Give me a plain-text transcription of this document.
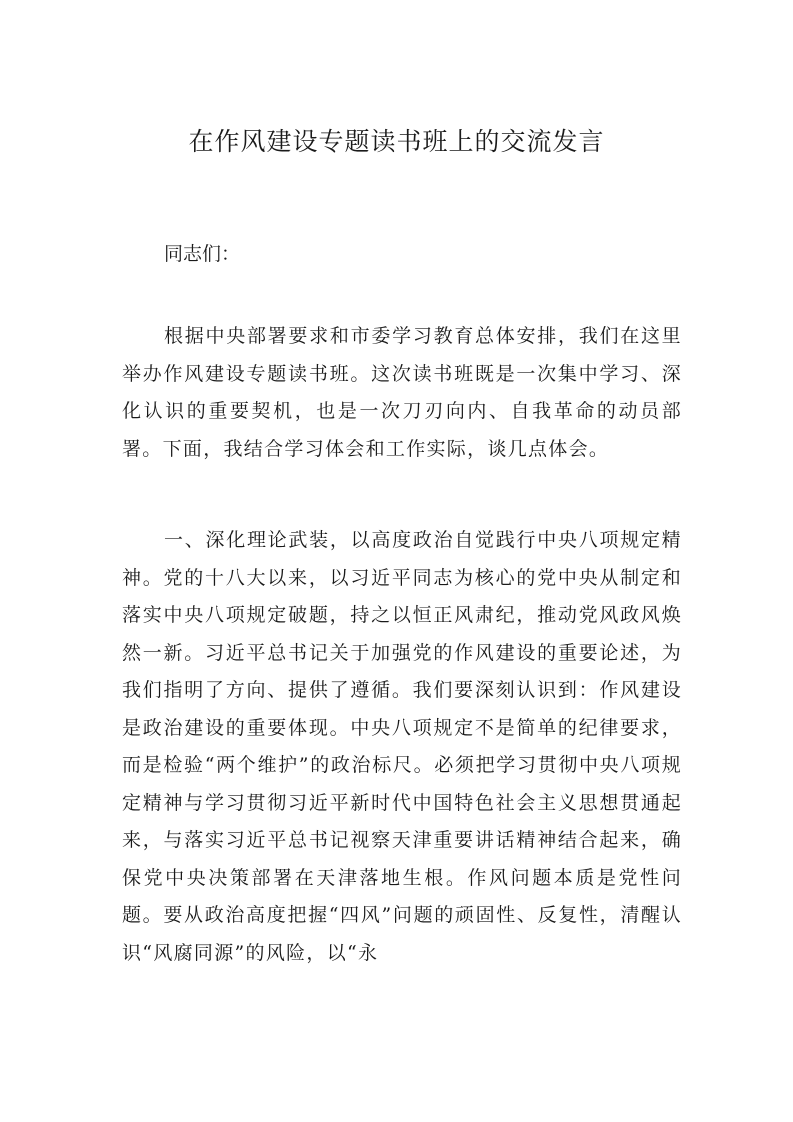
在作风建设专题读书班上的交流发言

同志们：

根据中央部署要求和市委学习教育总体安排，我们在这里举办作风建设专题读书班。这次读书班既是一次集中学习、深化认识的重要契机，也是一次刀刃向内、自我革命的动员部署。下面，我结合学习体会和工作实际，谈几点体会。

一、深化理论武装，以高度政治自觉践行中央八项规定精神。党的十八大以来，以习近平同志为核心的党中央从制定和落实中央八项规定破题，持之以恒正风肃纪，推动党风政风焕然一新。习近平总书记关于加强党的作风建设的重要论述，为我们指明了方向、提供了遵循。我们要深刻认识到：作风建设是政治建设的重要体现。中央八项规定不是简单的纪律要求，而是检验“两个维护”的政治标尺。必须把学习贯彻中央八项规定精神与学习贯彻习近平新时代中国特色社会主义思想贯通起来，与落实习近平总书记视察天津重要讲话精神结合起来，确保党中央决策部署在天津落地生根。作风问题本质是党性问题。要从政治高度把握“四风”问题的顽固性、反复性，清醒认识“风腐同源”的风险，以“永
